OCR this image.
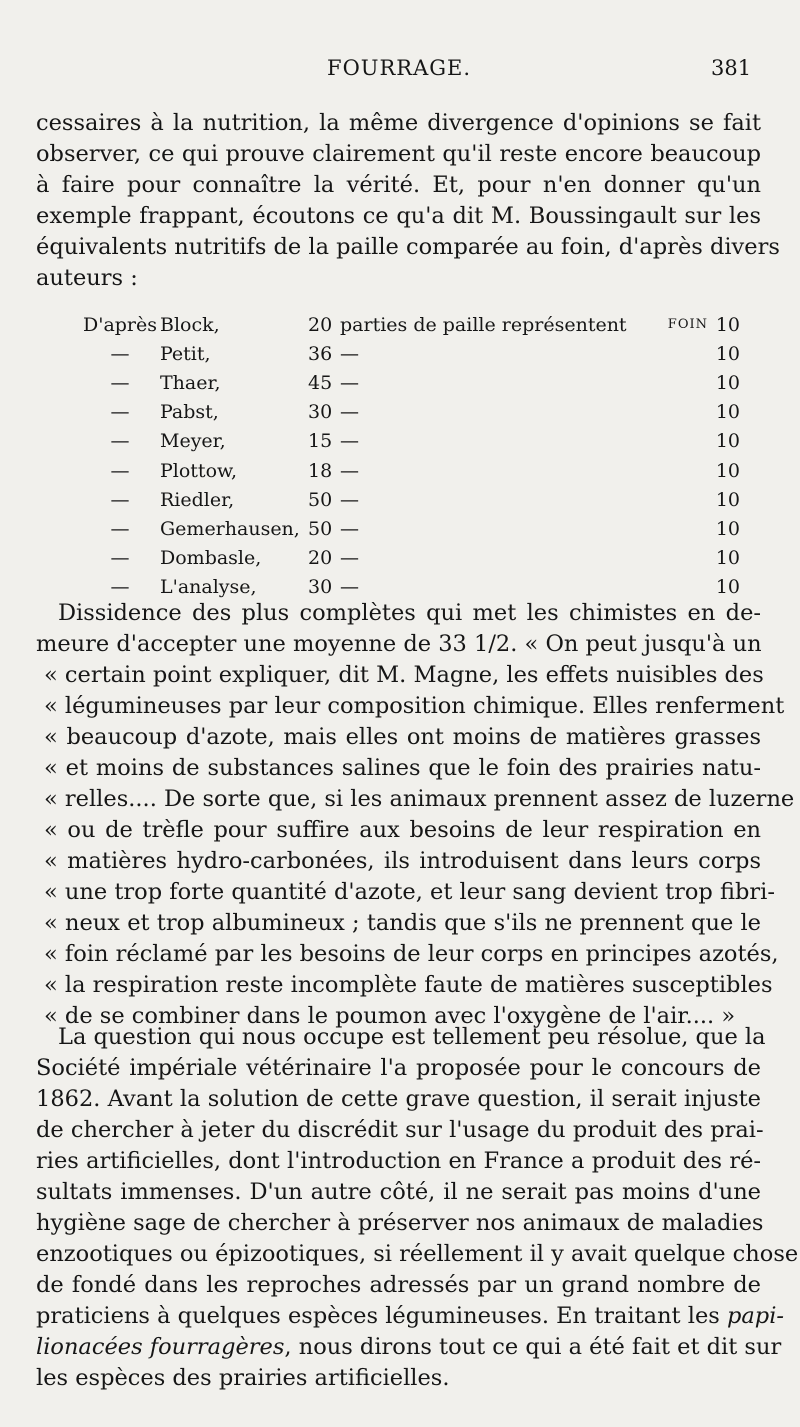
FOURRAGE.	381
cessaires à la nutrition, la même divergence d'opinions se fait
observer, ce qui prouve clairement qu'il reste encore beaucoup
à faire pour connaître la vérité. Et, pour n'en donner qu'un
exemple frappant, écoutons ce qu'a dit M. Boussingault sur les
équivalents nutritifs de la paille comparée au foin, d'après divers
auteurs :
D'après	Block,	20	parties de paille représentent	FOIN	10
—	Petit,	36	—		10
—	Thaer,	45	—		10
—	Pabst,	30	—		10
—	Meyer,	15	—		10
—	Plottow,	18	—		10
—	Riedler,	50	—		10
—	Gemerhausen,	50	—		10
—	Dombasle,	20	—		10
—	L'analyse,	30	—		10
Dissidence des plus complètes qui met les chimistes en de-
meure d'accepter une moyenne de 33 1/2. « On peut jusqu'à un
« certain point expliquer, dit M. Magne, les effets nuisibles des
« légumineuses par leur composition chimique. Elles renferment
« beaucoup d'azote, mais elles ont moins de matières grasses
« et moins de substances salines que le foin des prairies natu-
« relles.... De sorte que, si les animaux prennent assez de luzerne
« ou de trèfle pour suffire aux besoins de leur respiration en
« matières hydro-carbonées, ils introduisent dans leurs corps
« une trop forte quantité d'azote, et leur sang devient trop fibri-
« neux et trop albumineux ; tandis que s'ils ne prennent que le
« foin réclamé par les besoins de leur corps en principes azotés,
« la respiration reste incomplète faute de matières susceptibles
« de se combiner dans le poumon avec l'oxygène de l'air.... »
La question qui nous occupe est tellement peu résolue, que la
Société impériale vétérinaire l'a proposée pour le concours de
1862. Avant la solution de cette grave question, il serait injuste
de chercher à jeter du discrédit sur l'usage du produit des prai-
ries artificielles, dont l'introduction en France a produit des ré-
sultats immenses. D'un autre côté, il ne serait pas moins d'une
hygiène sage de chercher à préserver nos animaux de maladies
enzootiques ou épizootiques, si réellement il y avait quelque chose
de fondé dans les reproches adressés par un grand nombre de
praticiens à quelques espèces légumineuses. En traitant les papi-
lionacées fourragères, nous dirons tout ce qui a été fait et dit sur
les espèces des prairies artificielles.
